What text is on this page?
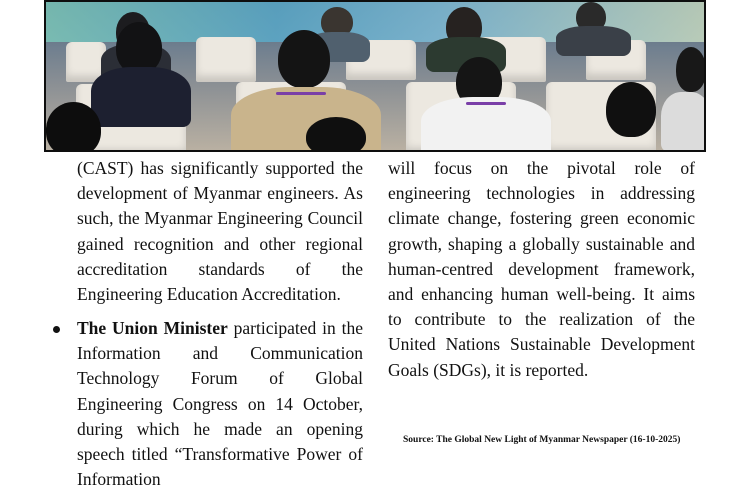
(CAST) has significantly supported the development of Myanmar engineers. As such, the Myanmar Engineering Council gained recognition and other regional accreditation standards of the Engineering Education Accreditation.

The Union Minister participated in the Information and Communication Technology Forum of Global Engineering Congress on 14 October, during which he made an opening speech titled “Transformative Power of Information

will focus on the pivotal role of engineering technologies in addressing climate change, fostering green economic growth, shaping a globally sustainable and human-centred development framework, and enhancing human well-being. It aims to contribute to the realization of the United Nations Sustainable Development Goals (SDGs), it is reported.

Source: The Global New Light of Myanmar Newspaper (16-10-2025)
